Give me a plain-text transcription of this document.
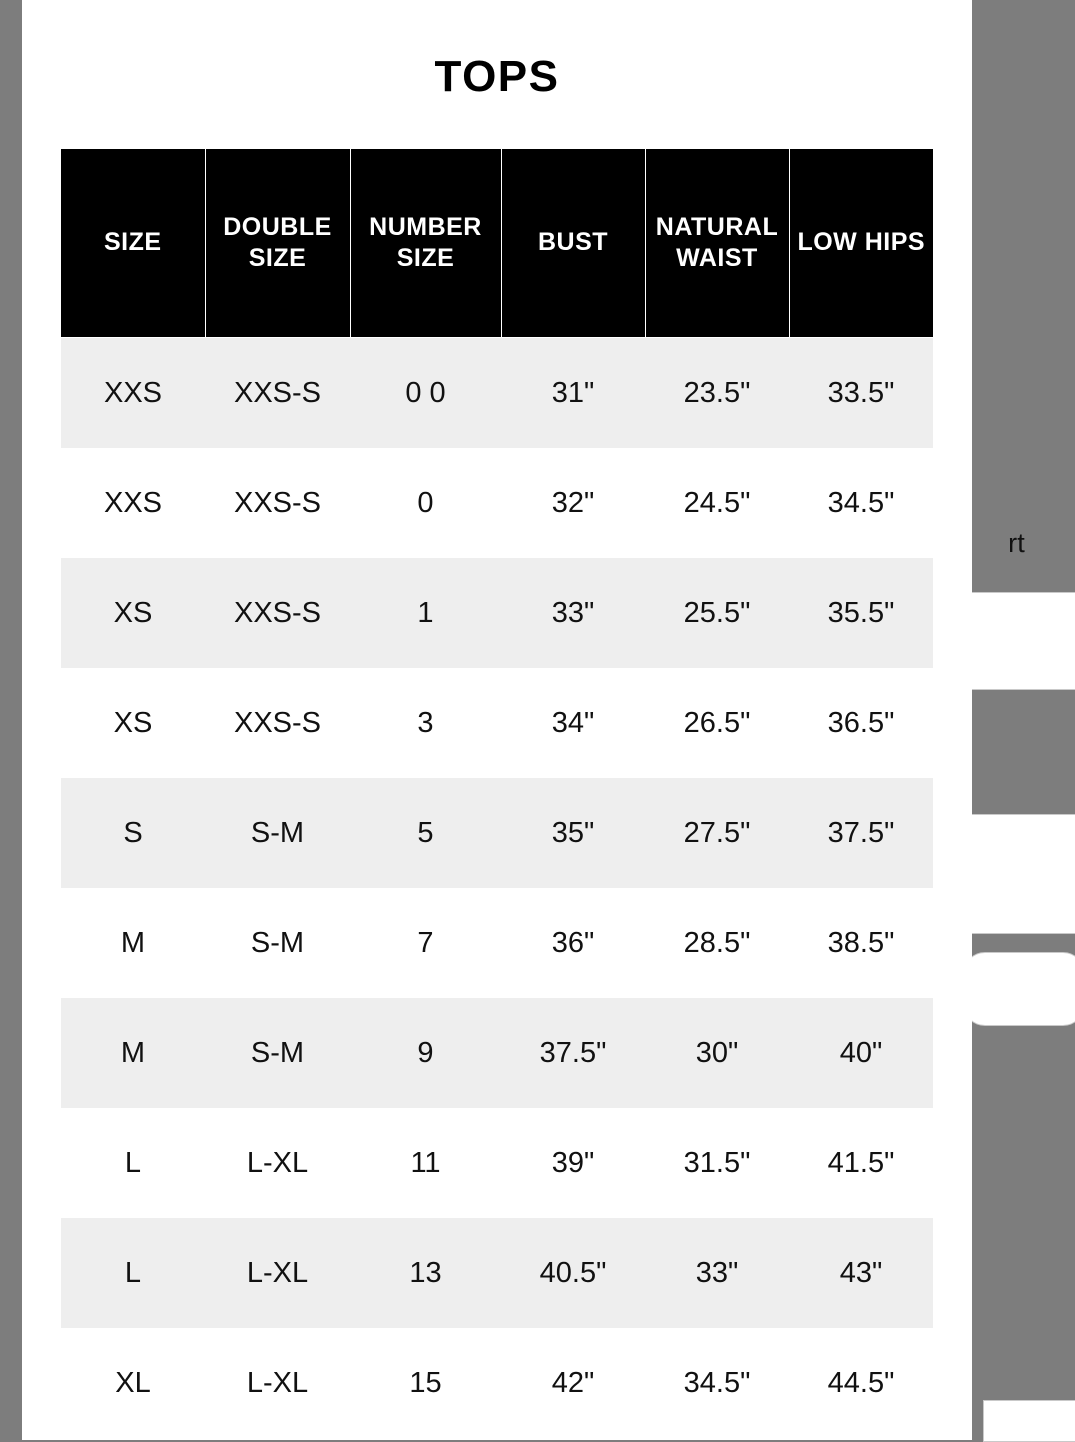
rt
TOPS
SIZE	DOUBLE SIZE	NUMBER SIZE	BUST	NATURAL WAIST	LOW HIPS
XXS	XXS-S	0 0	31"	23.5"	33.5"
XXS	XXS-S	0	32"	24.5"	34.5"
XS	XXS-S	1	33"	25.5"	35.5"
XS	XXS-S	3	34"	26.5"	36.5"
S	S-M	5	35"	27.5"	37.5"
M	S-M	7	36"	28.5"	38.5"
M	S-M	9	37.5"	30"	40"
L	L-XL	11	39"	31.5"	41.5"
L	L-XL	13	40.5"	33"	43"
XL	L-XL	15	42"	34.5"	44.5"
